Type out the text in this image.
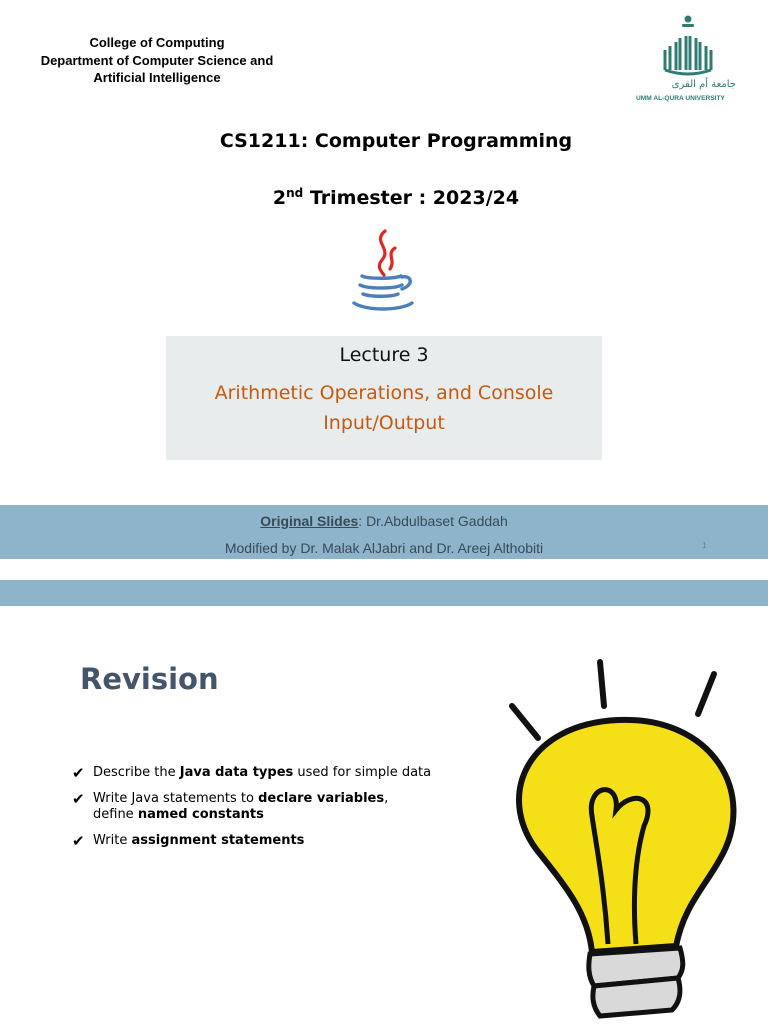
College of Computing
Department of Computer Science and
Artificial Intelligence	جامعة أم القرى
UMM AL-QURA UNIVERSITY
CS1211: Computer Programming
2nd Trimester : 2023/24
Lecture 3
Arithmetic Operations, and Console Input/Output
Original Slides: Dr.Abdulbaset Gaddah
Modified by Dr. Malak AlJabri and Dr. Areej Althobiti	1
Revision
✔ Describe the Java data types used for simple data
✔ Write Java statements to declare variables, define named constants
✔ Write assignment statements
